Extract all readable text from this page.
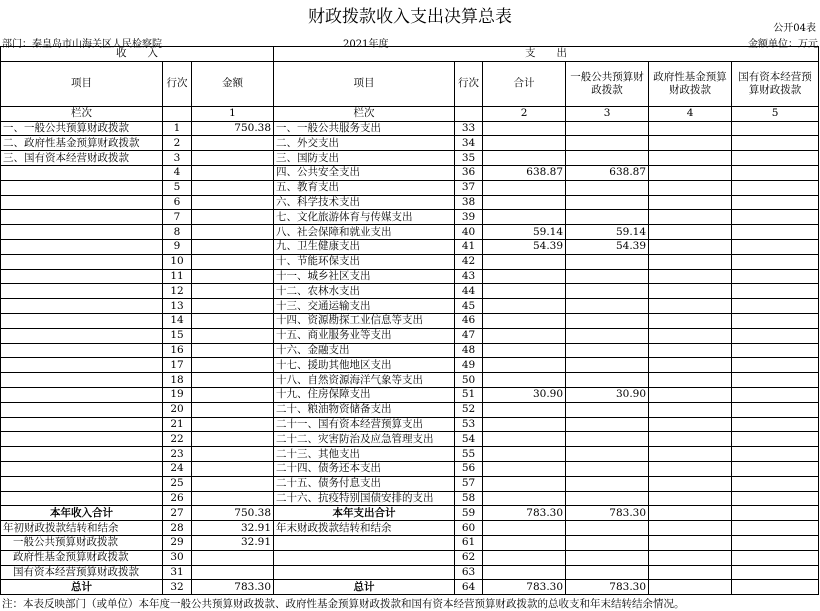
财政拨款收入支出决算总表
公开04表
部门：秦皇岛市山海关区人民检察院	2021年度	金额单位：万元
收　　入			支　　出					
项目	行次	金额	项目	行次	合计	一般公共预算财政拨款	政府性基金预算财政拨款	国有资本经营预算财政拨款
栏次		1	栏次		2	3	4	5
一、一般公共预算财政拨款	1	750.38	一、一般公共服务支出	33				
二、政府性基金预算财政拨款	2		二、外交支出	34				
三、国有资本经营财政拨款	3		三、国防支出	35				
	4		四、公共安全支出	36	638.87	638.87		
	5		五、教育支出	37				
	6		六、科学技术支出	38				
	7		七、文化旅游体育与传媒支出	39				
	8		八、社会保障和就业支出	40	59.14	59.14		
	9		九、卫生健康支出	41	54.39	54.39		
	10		十、节能环保支出	42				
	11		十一、城乡社区支出	43				
	12		十二、农林水支出	44				
	13		十三、交通运输支出	45				
	14		十四、资源勘探工业信息等支出	46				
	15		十五、商业服务业等支出	47				
	16		十六、金融支出	48				
	17		十七、援助其他地区支出	49				
	18		十八、自然资源海洋气象等支出	50				
	19		十九、住房保障支出	51	30.90	30.90		
	20		二十、粮油物资储备支出	52				
	21		二十一、国有资本经营预算支出	53				
	22		二十二、灾害防治及应急管理支出	54				
	23		二十三、其他支出	55				
	24		二十四、债务还本支出	56				
	25		二十五、债务付息支出	57				
	26		二十六、抗疫特别国债安排的支出	58				
本年收入合计	27	750.38	本年支出合计	59	783.30	783.30		
年初财政拨款结转和结余	28	32.91	年末财政拨款结转和结余	60				
一般公共预算财政拨款	29	32.91		61				
政府性基金预算财政拨款	30			62				
国有资本经营预算财政拨款	31			63				
总计	32	783.30	总计	64	783.30	783.30		
注：本表反映部门（或单位）本年度一般公共预算财政拨款、政府性基金预算财政拨款和国有资本经营预算财政拨款的总收支和年末结转结余情况。
